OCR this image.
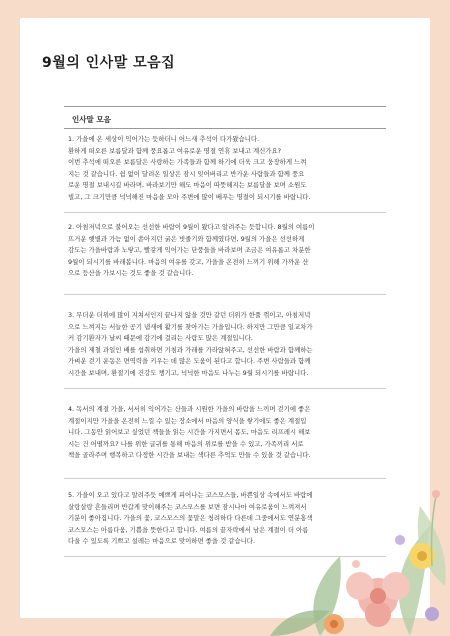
9월의 인사말 모음집
인사말 모음
1. 가을에 온 세상이 익어가는 듯하더니 어느새 추석이 다가왔습니다.
환하게 떠오른 보름달과 함께 풍요롭고 여유로운 명절 연휴 보내고 계신가요?
이번 추석에 떠오른 보름달은 사랑하는 가족들과 함께 하기에 더욱 크고 웅장하게 느껴
지는 것 같습니다. 쉼 없이 달려온 일상은 잠시 잊어버리고 반가운 사람들과 함께 풍요
로운 명절 보내시길 바라며, 바라보기만 해도 마음이 따뜻해지는 보름달을 보며 소원도
빌고, 그 크기만큼 넉넉해진 마음을 모아 주변에 많이 베푸는 명절이 되시기를 바랍니다.
2. 아침저녁으로 불어오는 선선한 바람이 9월이 왔다고 알려주는 듯합니다. 8월의 여름이
뜨거운 햇볕과 가늠 없이 쏟아지던 굵은 빗줄기와 함께였다면, 9월의 가을은 선선하게
감도는 가을바람과 노랗고, 빨갛게 익어가는 단풍들을 바라보며 조금은 여유롭고 차분한
9월이 되시기를 바래봅니다. 마음의 여유를 갖고, 가을을 온전히 느끼기 위해 가까운 산
으로 등산을 가보시는 것도 좋을 것 같습니다.
3. 무더운 더위에 많이 지쳐서인지 끝나지 않을 것만 같던 더위가 한풀 꺾이고, 아침저녁
으로 느껴지는 서늘한 공기 냄새에 활기를 찾아가는 가을입니다. 하지만 그만큼 일교차가
커 감기환자가 날씨 때문에 감기에 걸리는 사람도 많은 계절입니다.
가을의 제철 과일인 배를 섭취하면 기침과 가래를 가라앉혀주고, 선선한 바람과 함께하는
가벼운 걷기 운동은 면역력을 키우는 데 많은 도움이 된다고 합니다. 주변 사람들과 함께
시간을 보내며, 환절기에 건강도 챙기고, 넉넉한 마음도 나누는 9월 되시기를 바랍니다.
4. 독서의 계절 가을, 서서히 익어가는 산들과 시원한 가을의 바람을 느끼며 걷기에 좋은
계절이지만 가을을 온전히 느낄 수 있는 장소에서 마음의 양식을 쌓기에도 좋은 계절입
니다. 그동안 읽어보고 싶었던 책들을 읽는 시간을 가지면서 몸도, 마음도 리프레시 해보
시는 건 어떨까요? 나를 위한 글귀를 통해 마음의 위로를 받을 수 있고, 가족끼리 서로
책을 골라주며 행복하고 다정한 시간을 보내는 색다른 추억도 만들 수 있을 것 같습니다.
5. 가을이 오고 있다고 알려주듯 예쁘게 피어나는 코스모스들, 바쁜일상 속에서도 바람에
살랑살랑 흔들리며 반갑게 맞이해주는 코스모스를 보면 잠시나마 여유로움이 느껴져서
기분이 좋아집니다. 가을의 꽃, 코스모스의 꽃말은 청려하다 다른데 그중에서도 연분홍색
코스모스는 아름다움, 기쁨을 뜻한다고 합니다. 여름의 끝자락에서 남은 계절이 더 아름
다울 수 있도록 기쁘고 설레는 마음으로 맞이하면 좋을 것 같습니다.
